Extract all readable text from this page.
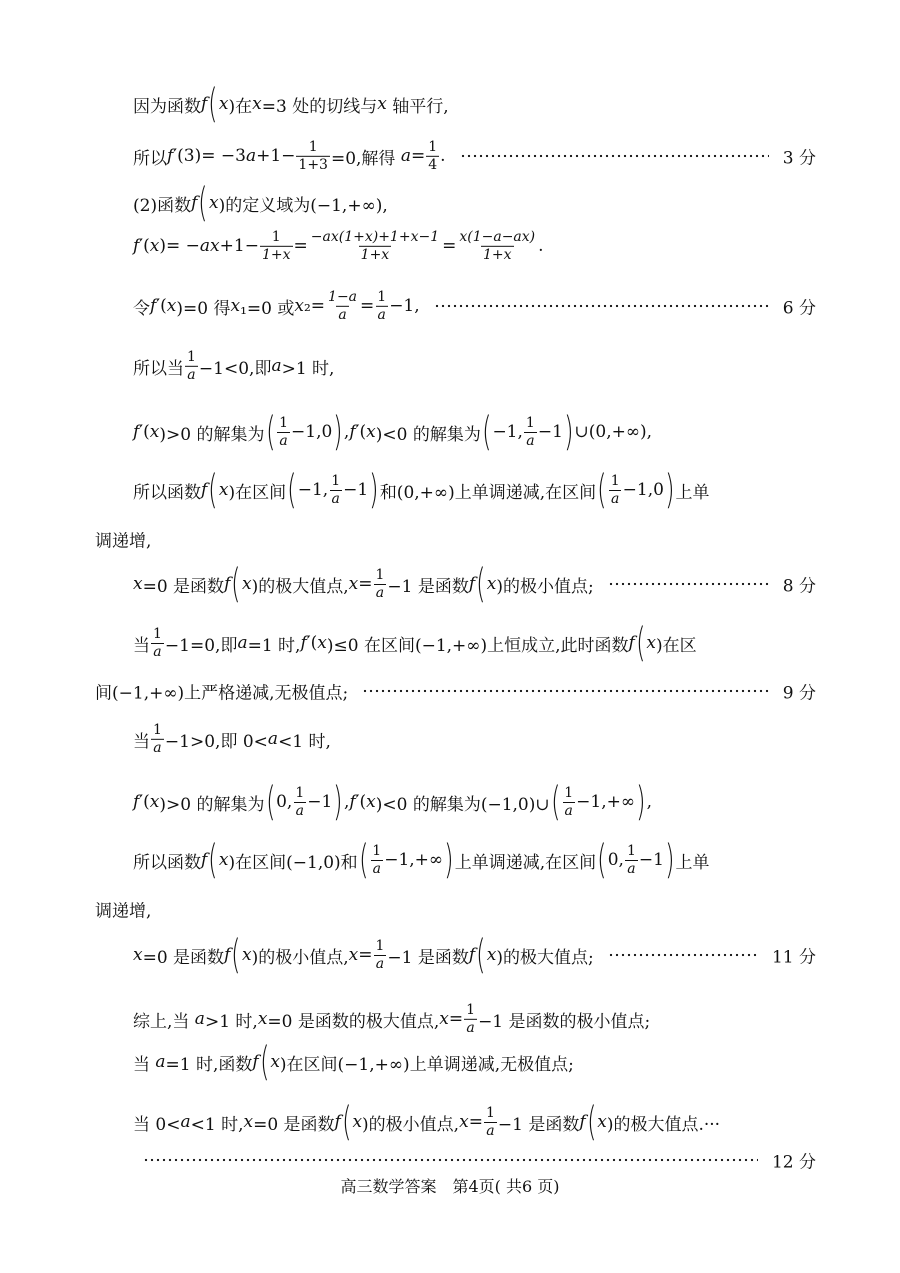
因为函数 f ( x )在 x =3 处的切线与 x 轴平行,
所以 f ′(3)= −3 $a +1- \frac{1}{1+3} =0$,解得 $a = \frac{1}{4}$ .	3 分
(2)函数 f ( x )的定义域为(−1,+∞),
f ′( x )= − ax $+1- \frac{1}{1+x} = \frac{-ax(1+x)+1+x-1}{1+x} = \frac{x(1-a-ax)}{1+x}$ .
令 f ′( x )=0 得 x ₁=0 或 x $_2= \frac{1-a}{a} = \frac{1}{a} -1$,	6 分
所以当 $\frac{1}{a} -1<0$,即 a >1 时,
f ′( x )>0 的解集为 ( $\frac{1}{a} -1,0$ ) , f ′( x )<0 的解集为 ( −1, $\frac{1}{a} -1$ ) ∪(0,+∞),
所以函数 f ( x )在区间 ( −1, $\frac{1}{a} -1$ ) 和(0,+∞)上单调递减,在区间 ( $\frac{1}{a} -1,0$ ) 上单
调递增,
x =0 是函数 f ( x )的极大值点, $x = \frac{1}{a} -1$ 是函数 f ( x )的极小值点;	8 分
当 $\frac{1}{a} -1=0$,即 a =1 时, f ′( x )≤0 在区间(−1,+∞)上恒成立,此时函数 f ( x )在区
间(−1,+∞)上严格递减,无极值点;	9 分
当 $\frac{1}{a} -1>0$,即 0< a <1 时,
f ′( x )>0 的解集为 ( 0, $\frac{1}{a} -1$ ) , f ′( x )<0 的解集为(−1,0)∪ ( $\frac{1}{a} -1,+\infty$ ) ,
所以函数 f ( x )在区间(−1,0)和 ( $\frac{1}{a} -1,+\infty$ ) 上单调递减,在区间 ( 0, $\frac{1}{a} -1$ ) 上单
调递增,
x =0 是函数 f ( x )的极小值点, $x = \frac{1}{a} -1$ 是函数 f ( x )的极大值点;	11 分
综上,当 a >1 时, x =0 是函数的极大值点, $x = \frac{1}{a} -1$ 是函数的极小值点;
当 a =1 时,函数 f ( x )在区间(−1,+∞)上单调递减,无极值点;
当 0< a <1 时, x =0 是函数 f ( x )的极小值点, $x = \frac{1}{a} -1$ 是函数 f ( x )的极大值点.···
12 分
高三数学答案　第4页( 共6 页)
